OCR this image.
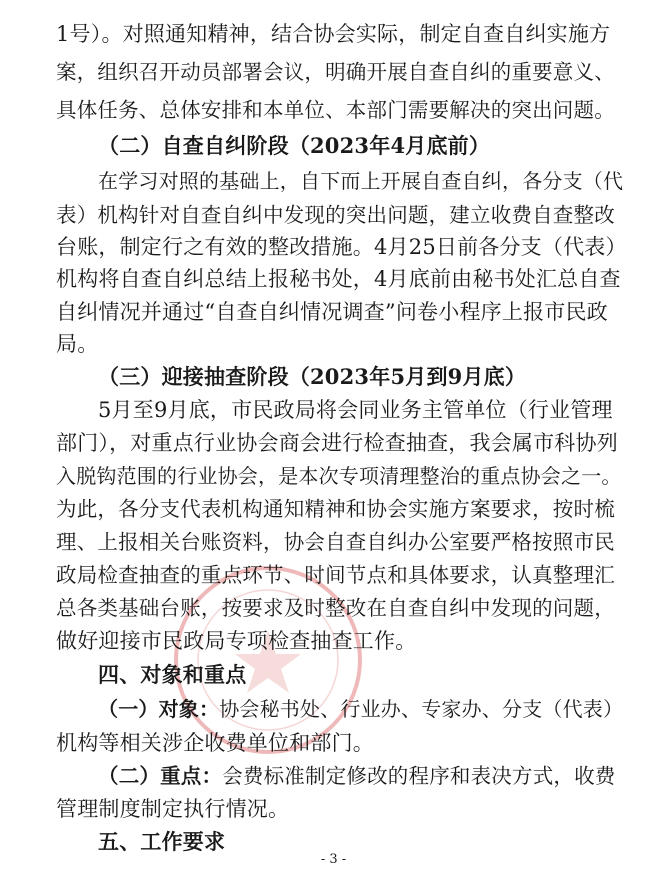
1号）。对照通知精神，结合协会实际，制定自查自纠实施方
案，组织召开动员部署会议，明确开展自查自纠的重要意义、
具体任务、总体安排和本单位、本部门需要解决的突出问题。
（二）自查自纠阶段（2023年4月底前）
在学习对照的基础上，自下而上开展自查自纠，各分支（代
表）机构针对自查自纠中发现的突出问题，建立收费自查整改
台账，制定行之有效的整改措施。4月25日前各分支（代表）
机构将自查自纠总结上报秘书处，4月底前由秘书处汇总自查
自纠情况并通过“自查自纠情况调查”问卷小程序上报市民政
局。
（三）迎接抽查阶段（2023年5月到9月底）
5月至9月底，市民政局将会同业务主管单位（行业管理
部门），对重点行业协会商会进行检查抽查，我会属市科协列
入脱钩范围的行业协会，是本次专项清理整治的重点协会之一。
为此，各分支代表机构通知精神和协会实施方案要求，按时梳
理、上报相关台账资料，协会自查自纠办公室要严格按照市民
政局检查抽查的重点环节、时间节点和具体要求，认真整理汇
总各类基础台账，按要求及时整改在自查自纠中发现的问题，
做好迎接市民政局专项检查抽查工作。
四、对象和重点
（一）对象：协会秘书处、行业办、专家办、分支（代表）
机构等相关涉企收费单位和部门。
（二）重点：会费标准制定修改的程序和表决方式，收费
管理制度制定执行情况。
五、工作要求
- 3 -
